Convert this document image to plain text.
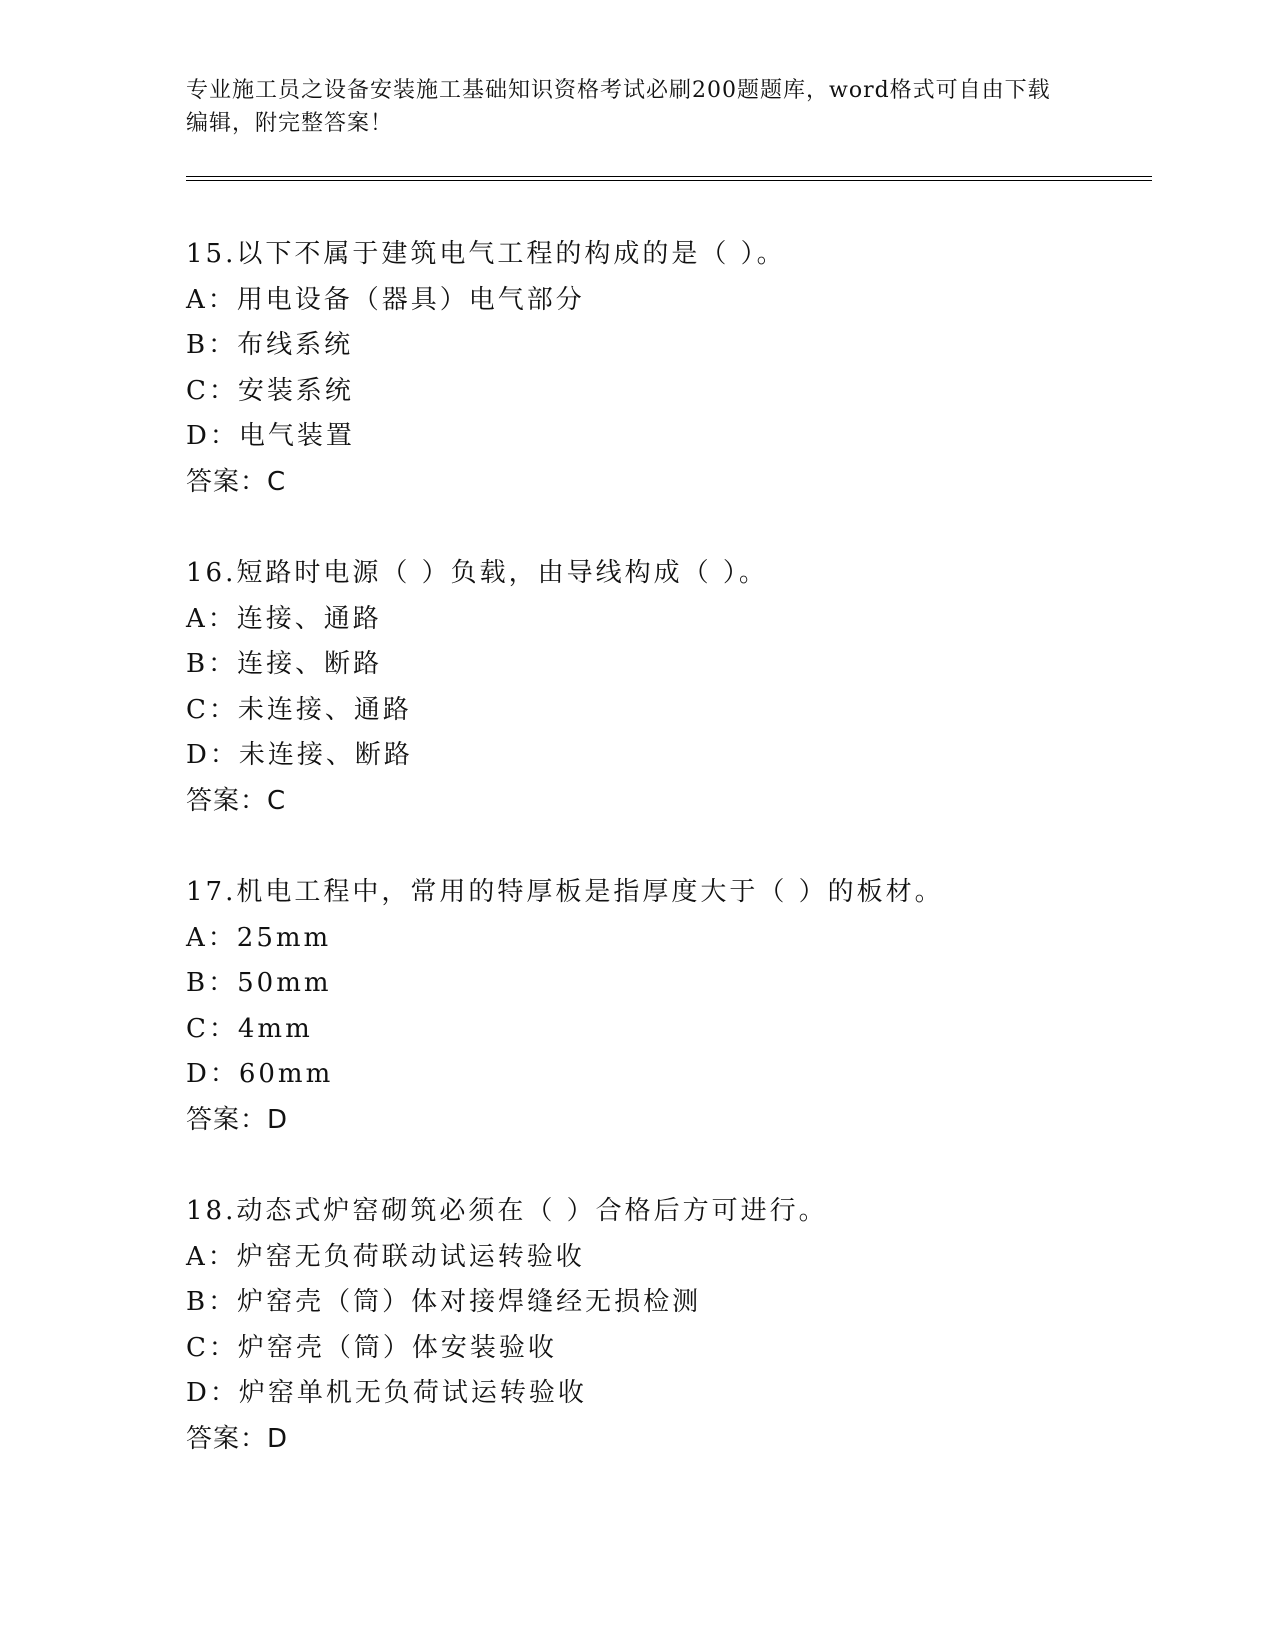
专业施工员之设备安装施工基础知识资格考试必刷200题题库，word格式可自由下载编辑，附完整答案！
15.以下不属于建筑电气工程的构成的是（ ）。
A：用电设备（器具）电气部分
B：布线系统
C：安装系统
D：电气装置
答案：C
16.短路时电源（ ）负载，由导线构成（ ）。
A：连接、通路
B：连接、断路
C：未连接、通路
D：未连接、断路
答案：C
17.机电工程中，常用的特厚板是指厚度大于（ ）的板材。
A：25mm
B：50mm
C：4mm
D：60mm
答案：D
18.动态式炉窑砌筑必须在（ ）合格后方可进行。
A：炉窑无负荷联动试运转验收
B：炉窑壳（筒）体对接焊缝经无损检测
C：炉窑壳（筒）体安装验收
D：炉窑单机无负荷试运转验收
答案：D
